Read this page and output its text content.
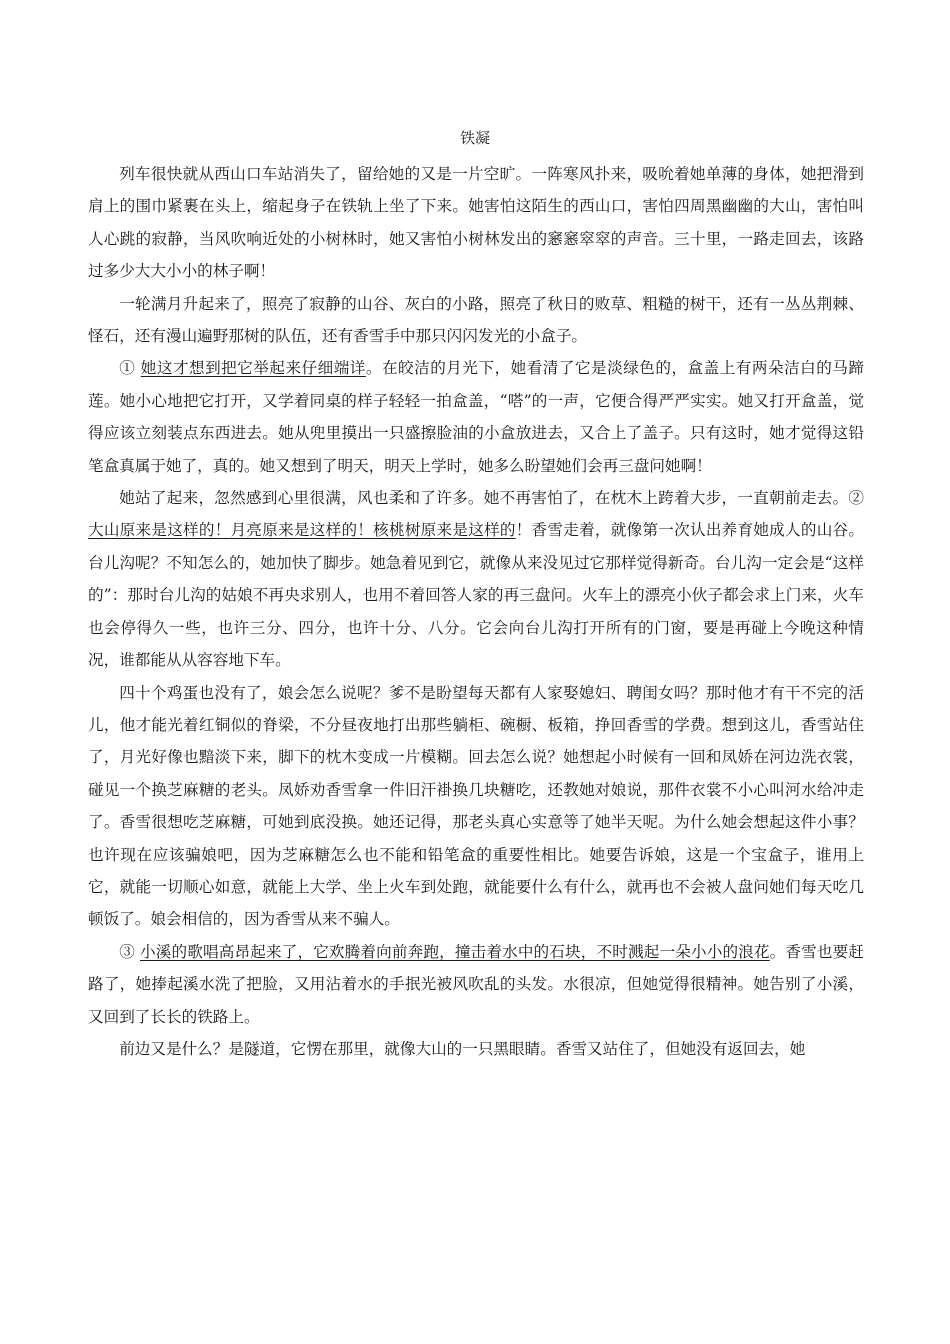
铁凝

列车很快就从西山口车站消失了，留给她的又是一片空旷。一阵寒风扑来，吸吮着她单薄的身体，她把滑到肩上的围巾紧裹在头上，缩起身子在铁轨上坐了下来。她害怕这陌生的西山口，害怕四周黑幽幽的大山，害怕叫人心跳的寂静，当风吹响近处的小树林时，她又害怕小树林发出的窸窸窣窣的声音。三十里，一路走回去，该路过多少大大小小的林子啊！

一轮满月升起来了，照亮了寂静的山谷、灰白的小路，照亮了秋日的败草、粗糙的树干，还有一丛丛荆棘、怪石，还有漫山遍野那树的队伍，还有香雪手中那只闪闪发光的小盒子。

① 她这才想到把它举起来仔细端详。在皎洁的月光下，她看清了它是淡绿色的，盒盖上有两朵洁白的马蹄莲。她小心地把它打开，又学着同桌的样子轻轻一拍盒盖，“嗒”的一声，它便合得严严实实。她又打开盒盖，觉得应该立刻装点东西进去。她从兜里摸出一只盛擦脸油的小盒放进去，又合上了盖子。只有这时，她才觉得这铅笔盒真属于她了，真的。她又想到了明天，明天上学时，她多么盼望她们会再三盘问她啊！

她站了起来，忽然感到心里很满，风也柔和了许多。她不再害怕了，在枕木上跨着大步，一直朝前走去。②大山原来是这样的！月亮原来是这样的！核桃树原来是这样的！香雪走着，就像第一次认出养育她成人的山谷。台儿沟呢？不知怎么的，她加快了脚步。她急着见到它，就像从来没见过它那样觉得新奇。台儿沟一定会是“这样的”：那时台儿沟的姑娘不再央求别人，也用不着回答人家的再三盘问。火车上的漂亮小伙子都会求上门来，火车也会停得久一些，也许三分、四分，也许十分、八分。它会向台儿沟打开所有的门窗，要是再碰上今晚这种情况，谁都能从从容容地下车。

四十个鸡蛋也没有了，娘会怎么说呢？爹不是盼望每天都有人家娶媳妇、聘闺女吗？那时他才有干不完的活儿，他才能光着红铜似的脊梁，不分昼夜地打出那些躺柜、碗橱、板箱，挣回香雪的学费。想到这儿，香雪站住了，月光好像也黯淡下来，脚下的枕木变成一片模糊。回去怎么说？她想起小时候有一回和凤娇在河边洗衣裳，碰见一个换芝麻糖的老头。凤娇劝香雪拿一件旧汗褂换几块糖吃，还教她对娘说，那件衣裳不小心叫河水给冲走了。香雪很想吃芝麻糖，可她到底没换。她还记得，那老头真心实意等了她半天呢。为什么她会想起这件小事？也许现在应该骗娘吧，因为芝麻糖怎么也不能和铅笔盒的重要性相比。她要告诉娘，这是一个宝盒子，谁用上它，就能一切顺心如意，就能上大学、坐上火车到处跑，就能要什么有什么，就再也不会被人盘问她们每天吃几顿饭了。娘会相信的，因为香雪从来不骗人。

③ 小溪的歌唱高昂起来了，它欢腾着向前奔跑，撞击着水中的石块，不时溅起一朵小小的浪花。香雪也要赶路了，她捧起溪水洗了把脸，又用沾着水的手抿光被风吹乱的头发。水很凉，但她觉得很精神。她告别了小溪，又回到了长长的铁路上。

前边又是什么？是隧道，它愣在那里，就像大山的一只黑眼睛。香雪又站住了，但她没有返回去，她
